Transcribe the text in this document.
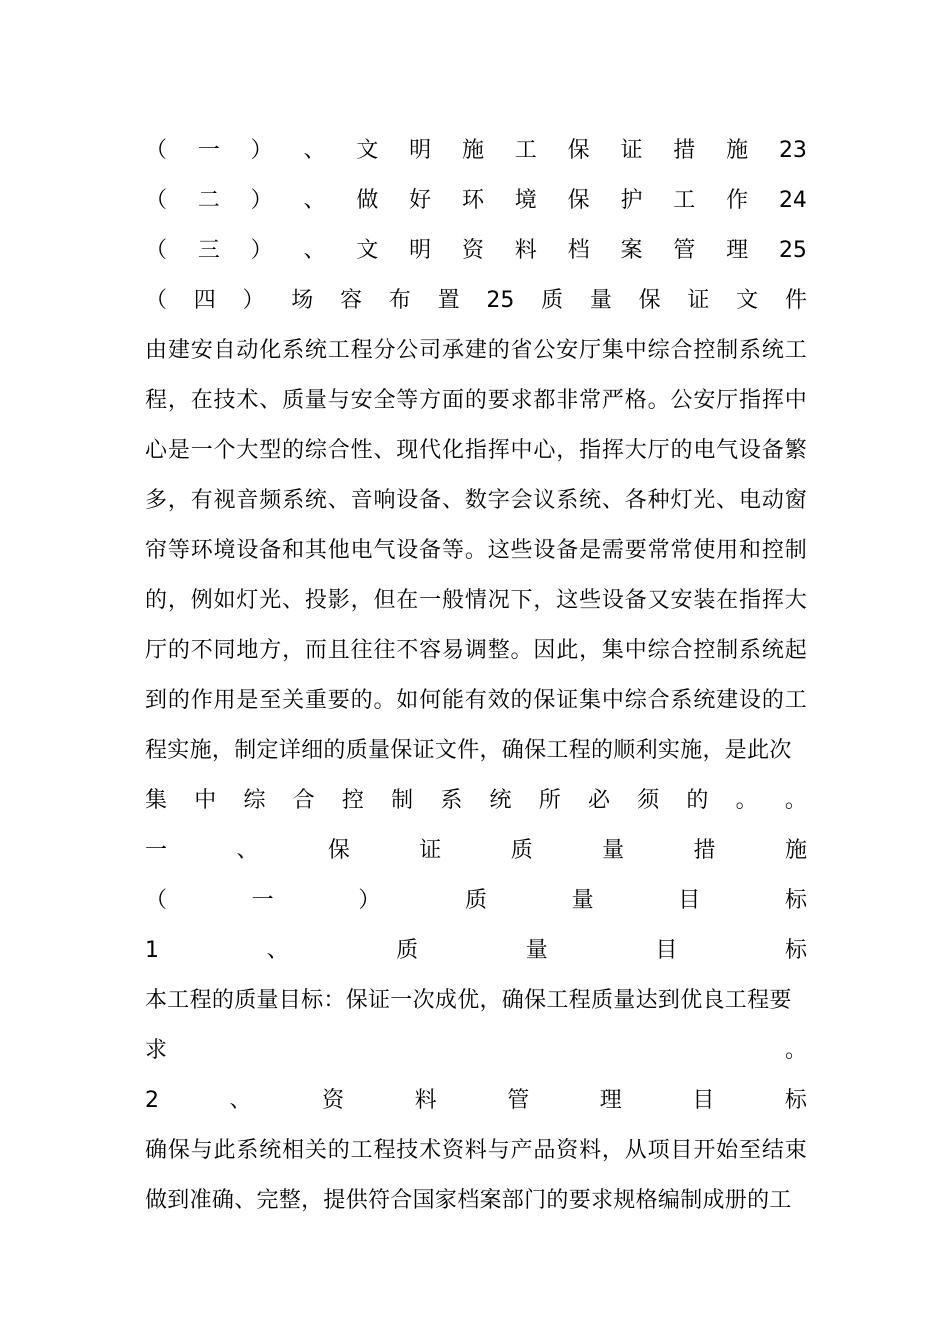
（ 一 ） 、 文 明 施 工 保 证 措 施 23
（ 二 ） 、 做 好 环 境 保 护 工 作 24
（ 三 ） 、 文 明 资 料 档 案 管 理 25
（ 四 ） 场 容 布 置 25 质 量 保 证 文 件

由建安自动化系统工程分公司承建的省公安厅集中综合控制系统工程，在技术、质量与安全等方面的要求都非常严格。公安厅指挥中心是一个大型的综合性、现代化指挥中心，指挥大厅的电气设备繁多，有视音频系统、音响设备、数字会议系统、各种灯光、电动窗帘等环境设备和其他电气设备等。这些设备是需要常常使用和控制的，例如灯光、投影，但在一般情况下，这些设备又安装在指挥大厅的不同地方，而且往往不容易调整。因此，集中综合控制系统起到的作用是至关重要的。如何能有效的保证集中综合系统建设的工程实施，制定详细的质量保证文件，确保工程的顺利实施，是此次

集 中 综 合 控 制 系 统 所 必 须 的 。 。
一	、	保	证	质	量	措	施
（	一	）	质	量	目	标
1	、	质	量	目	标

本工程的质量目标：保证一次成优，确保工程质量达到优良工程要

求	。
2	、	资	料	管	理	目	标

确保与此系统相关的工程技术资料与产品资料，从项目开始至结束做到准确、完整，提供符合国家档案部门的要求规格编制成册的工
